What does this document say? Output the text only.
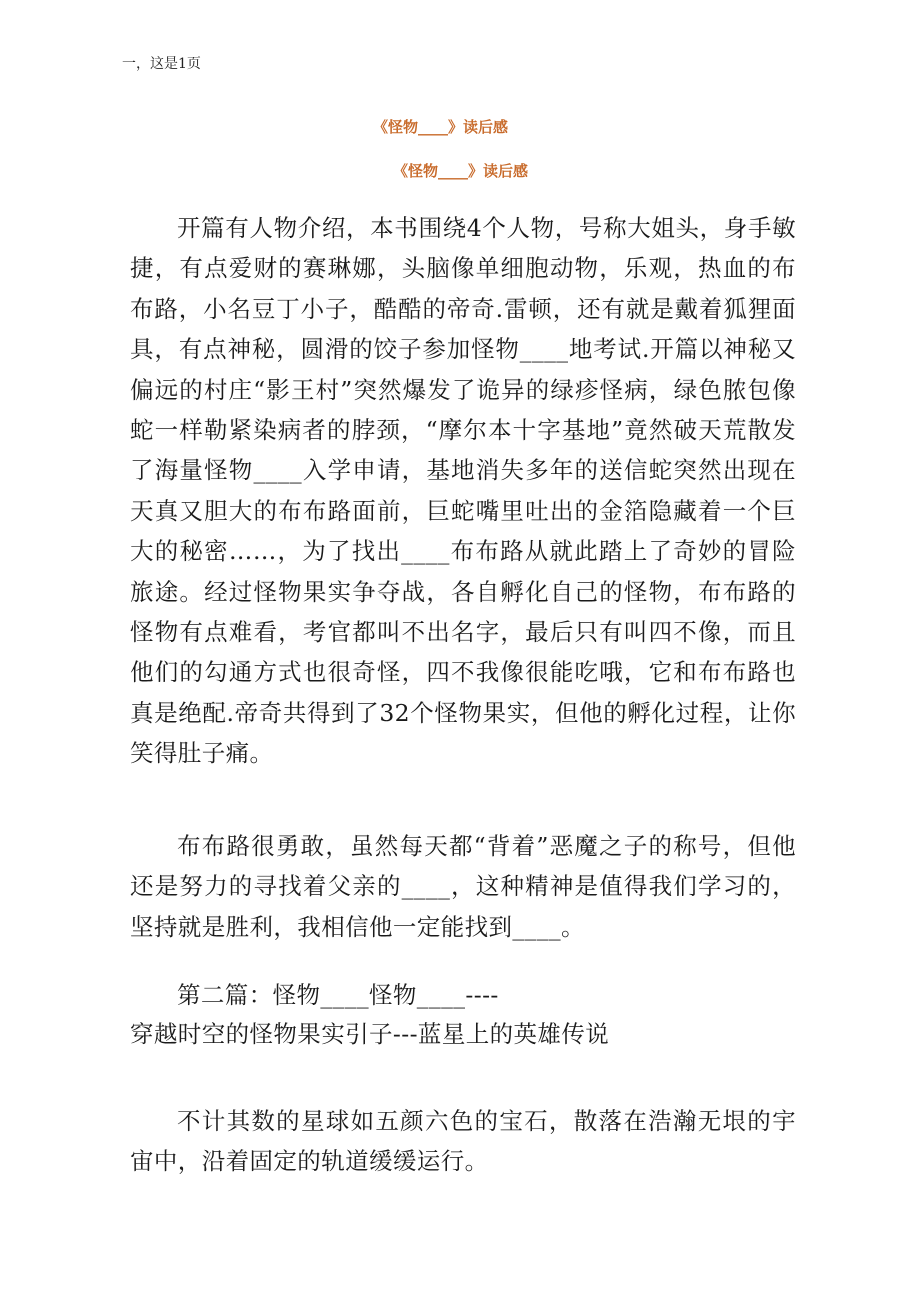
一，这是1页
《怪物____》读后感
《怪物____》读后感

开篇有人物介绍，本书围绕4个人物，号称大姐头，身手敏捷，有点爱财的赛琳娜，头脑像单细胞动物，乐观，热血的布布路，小名豆丁小子，酷酷的帝奇.雷顿，还有就是戴着狐狸面具，有点神秘，圆滑的饺子参加怪物____地考试.开篇以神秘又偏远的村庄“影王村”突然爆发了诡异的绿疹怪病，绿色脓包像蛇一样勒紧染病者的脖颈，“摩尔本十字基地”竟然破天荒散发了海量怪物____入学申请，基地消失多年的送信蛇突然出现在天真又胆大的布布路面前，巨蛇嘴里吐出的金箔隐藏着一个巨大的秘密……，为了找出____布布路从就此踏上了奇妙的冒险旅途。经过怪物果实争夺战，各自孵化自己的怪物，布布路的怪物有点难看，考官都叫不出名字，最后只有叫四不像，而且他们的勾通方式也很奇怪，四不我像很能吃哦，它和布布路也真是绝配.帝奇共得到了32个怪物果实，但他的孵化过程，让你笑得肚子痛。

布布路很勇敢，虽然每天都“背着”恶魔之子的称号，但他还是努力的寻找着父亲的____，这种精神是值得我们学习的，坚持就是胜利，我相信他一定能找到____。

第二篇：怪物____怪物____----

穿越时空的怪物果实引子---蓝星上的英雄传说

不计其数的星球如五颜六色的宝石，散落在浩瀚无垠的宇宙中，沿着固定的轨道缓缓运行。
